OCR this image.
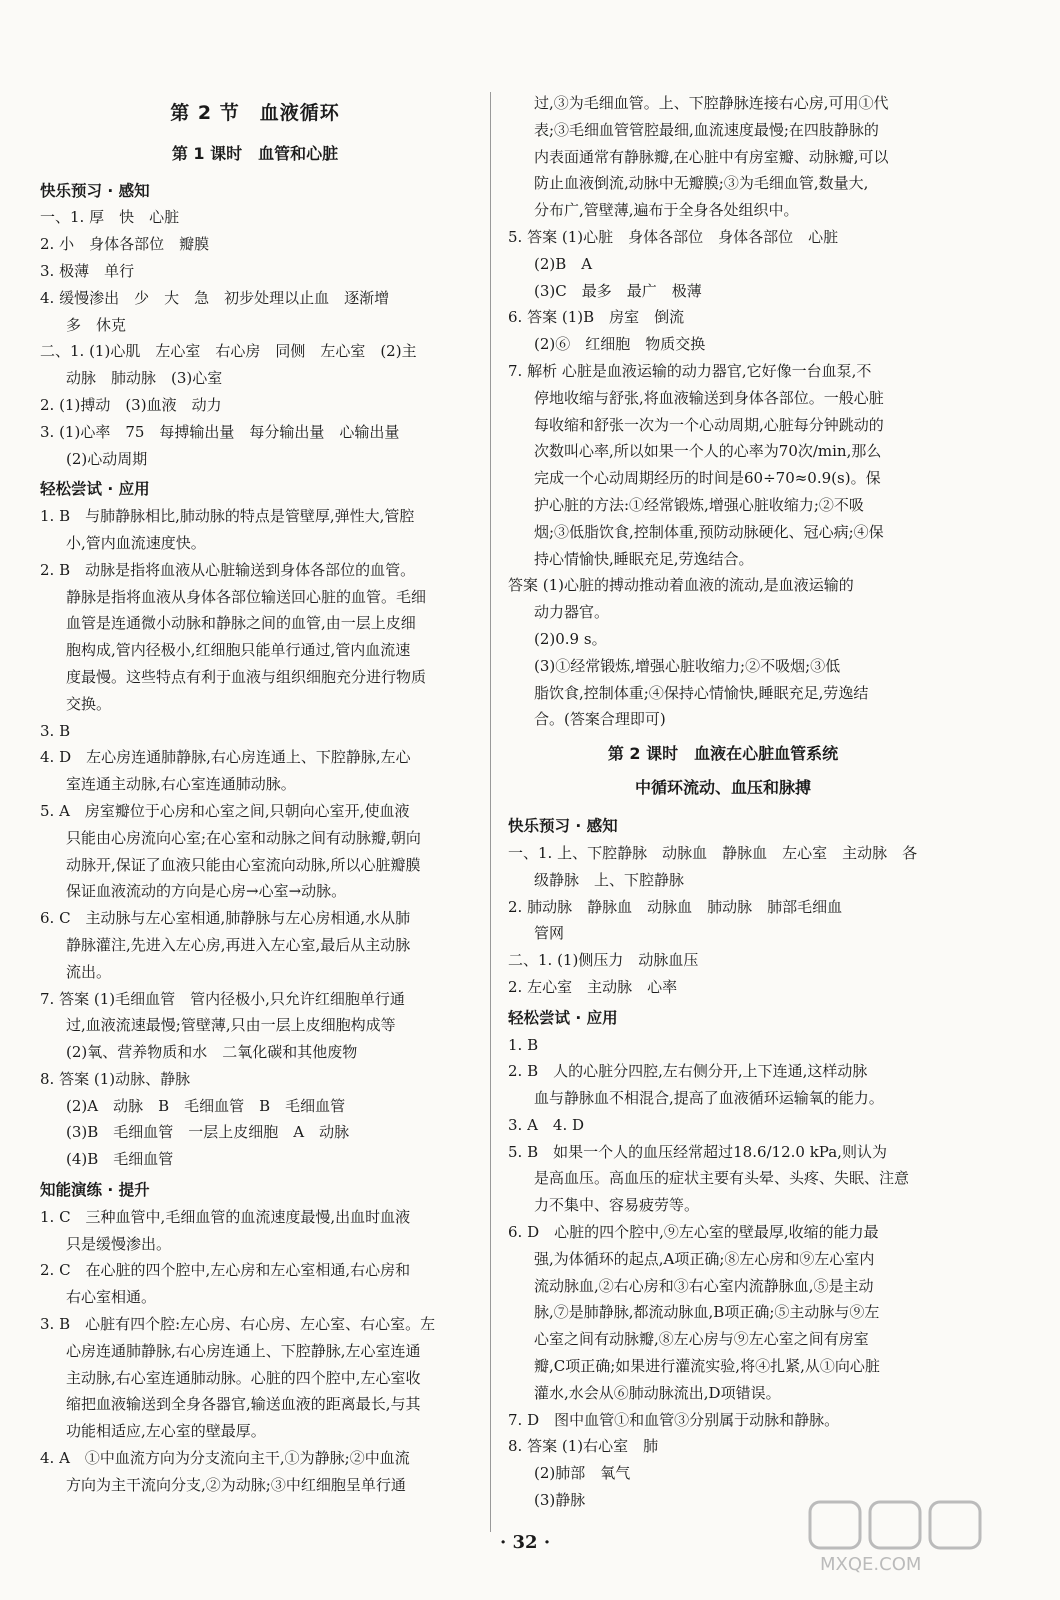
第 2 节　血液循环
第 1 课时　血管和心脏
快乐预习 · 感知
一、1. 厚　快　心脏
2. 小　身体各部位　瓣膜
3. 极薄　单行
4. 缓慢渗出　少　大　急　初步处理以止血　逐渐增
多　休克
二、1. (1)心肌　左心室　右心房　同侧　左心室　(2)主
动脉　肺动脉　(3)心室
2. (1)搏动　(3)血液　动力
3. (1)心率　75　每搏输出量　每分输出量　心输出量
(2)心动周期
轻松尝试 · 应用
1. B　与肺静脉相比,肺动脉的特点是管壁厚,弹性大,管腔
小,管内血流速度快。
2. B　动脉是指将血液从心脏输送到身体各部位的血管。
静脉是指将血液从身体各部位输送回心脏的血管。毛细
血管是连通微小动脉和静脉之间的血管,由一层上皮细
胞构成,管内径极小,红细胞只能单行通过,管内血流速
度最慢。这些特点有利于血液与组织细胞充分进行物质
交换。
3. B
4. D　左心房连通肺静脉,右心房连通上、下腔静脉,左心
室连通主动脉,右心室连通肺动脉。
5. A　房室瓣位于心房和心室之间,只朝向心室开,使血液
只能由心房流向心室;在心室和动脉之间有动脉瓣,朝向
动脉开,保证了血液只能由心室流向动脉,所以心脏瓣膜
保证血液流动的方向是心房→心室→动脉。
6. C　主动脉与左心室相通,肺静脉与左心房相通,水从肺
静脉灌注,先进入左心房,再进入左心室,最后从主动脉
流出。
7. 答案 (1)毛细血管　管内径极小,只允许红细胞单行通
过,血液流速最慢;管壁薄,只由一层上皮细胞构成等
(2)氧、营养物质和水　二氧化碳和其他废物
8. 答案 (1)动脉、静脉
(2)A　动脉　B　毛细血管　B　毛细血管
(3)B　毛细血管　一层上皮细胞　A　动脉
(4)B　毛细血管
知能演练 · 提升
1. C　三种血管中,毛细血管的血流速度最慢,出血时血液
只是缓慢渗出。
2. C　在心脏的四个腔中,左心房和左心室相通,右心房和
右心室相通。
3. B　心脏有四个腔:左心房、右心房、左心室、右心室。左
心房连通肺静脉,右心房连通上、下腔静脉,左心室连通
主动脉,右心室连通肺动脉。心脏的四个腔中,左心室收
缩把血液输送到全身各器官,输送血液的距离最长,与其
功能相适应,左心室的壁最厚。
4. A　①中血流方向为分支流向主干,①为静脉;②中血流
方向为主干流向分支,②为动脉;③中红细胞呈单行通
过,③为毛细血管。上、下腔静脉连接右心房,可用①代
表;③毛细血管管腔最细,血流速度最慢;在四肢静脉的
内表面通常有静脉瓣,在心脏中有房室瓣、动脉瓣,可以
防止血液倒流,动脉中无瓣膜;③为毛细血管,数量大,
分布广,管壁薄,遍布于全身各处组织中。
5. 答案 (1)心脏　身体各部位　身体各部位　心脏
(2)B　A
(3)C　最多　最广　极薄
6. 答案 (1)B　房室　倒流
(2)⑥　红细胞　物质交换
7. 解析 心脏是血液运输的动力器官,它好像一台血泵,不
停地收缩与舒张,将血液输送到身体各部位。一般心脏
每收缩和舒张一次为一个心动周期,心脏每分钟跳动的
次数叫心率,所以如果一个人的心率为70次/min,那么
完成一个心动周期经历的时间是60÷70≈0.9(s)。保
护心脏的方法:①经常锻炼,增强心脏收缩力;②不吸
烟;③低脂饮食,控制体重,预防动脉硬化、冠心病;④保
持心情愉快,睡眠充足,劳逸结合。
答案 (1)心脏的搏动推动着血液的流动,是血液运输的
动力器官。
(2)0.9 s。
(3)①经常锻炼,增强心脏收缩力;②不吸烟;③低
脂饮食,控制体重;④保持心情愉快,睡眠充足,劳逸结
合。(答案合理即可)
第 2 课时　血液在心脏血管系统
中循环流动、血压和脉搏
快乐预习 · 感知
一、1. 上、下腔静脉　动脉血　静脉血　左心室　主动脉　各
级静脉　上、下腔静脉
2. 肺动脉　静脉血　动脉血　肺动脉　肺部毛细血
管网
二、1. (1)侧压力　动脉血压
2. 左心室　主动脉　心率
轻松尝试 · 应用
1. B
2. B　人的心脏分四腔,左右侧分开,上下连通,这样动脉
血与静脉血不相混合,提高了血液循环运输氧的能力。
3. A　4. D
5. B　如果一个人的血压经常超过18.6/12.0 kPa,则认为
是高血压。高血压的症状主要有头晕、头疼、失眠、注意
力不集中、容易疲劳等。
6. D　心脏的四个腔中,⑨左心室的壁最厚,收缩的能力最
强,为体循环的起点,A项正确;⑧左心房和⑨左心室内
流动脉血,②右心房和③右心室内流静脉血,⑤是主动
脉,⑦是肺静脉,都流动脉血,B项正确;⑤主动脉与⑨左
心室之间有动脉瓣,⑧左心房与⑨左心室之间有房室
瓣,C项正确;如果进行灌流实验,将④扎紧,从①向心脏
灌水,水会从⑥肺动脉流出,D项错误。
7. D　图中血管①和血管③分别属于动脉和静脉。
8. 答案 (1)右心室　肺
(2)肺部　氧气
(3)静脉
· 32 ·
MXQE.COM
